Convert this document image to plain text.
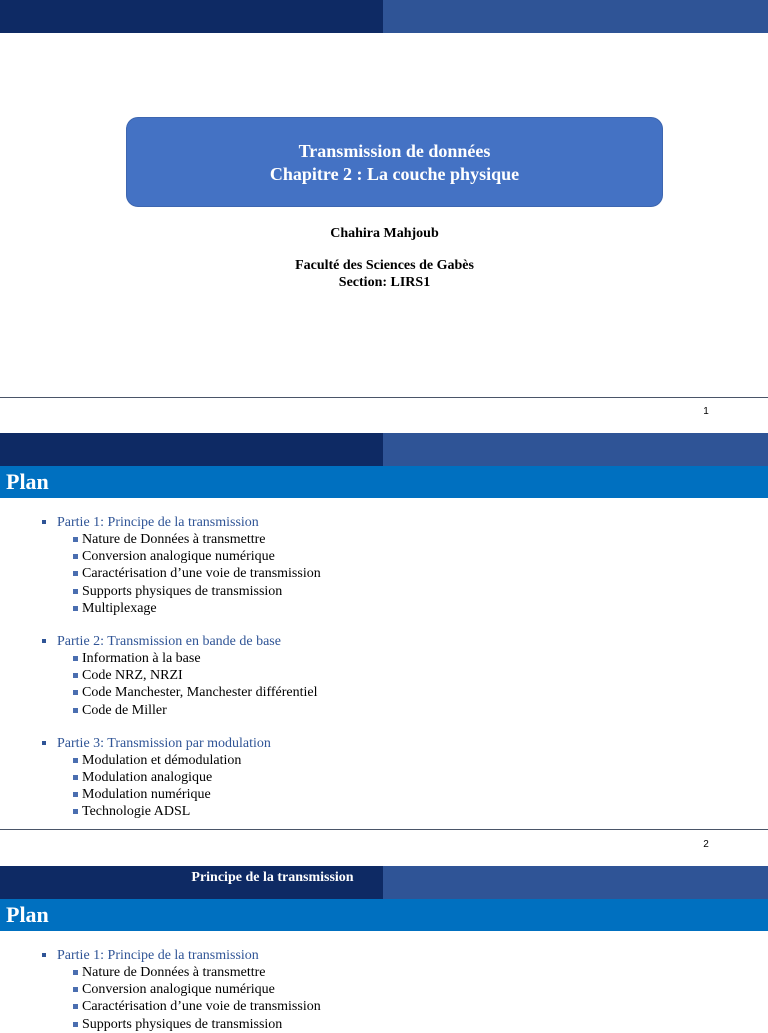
Transmission de données
Chapitre 2 : La couche physique
Chahira Mahjoub
Faculté des Sciences de Gabès
Section: LIRS1
1
Plan
Partie 1: Principe de la transmission
Nature de Données à transmettre
Conversion analogique numérique
Caractérisation d’une voie de transmission
Supports physiques de transmission
Multiplexage
Partie 2: Transmission en bande de base
Information à la base
Code NRZ, NRZI
Code Manchester, Manchester différentiel
Code de Miller
Partie 3: Transmission par modulation
Modulation et démodulation
Modulation analogique
Modulation numérique
Technologie ADSL
2
Principe de la transmission
Plan
Partie 1: Principe de la transmission
Nature de Données à transmettre
Conversion analogique numérique
Caractérisation d’une voie de transmission
Supports physiques de transmission
